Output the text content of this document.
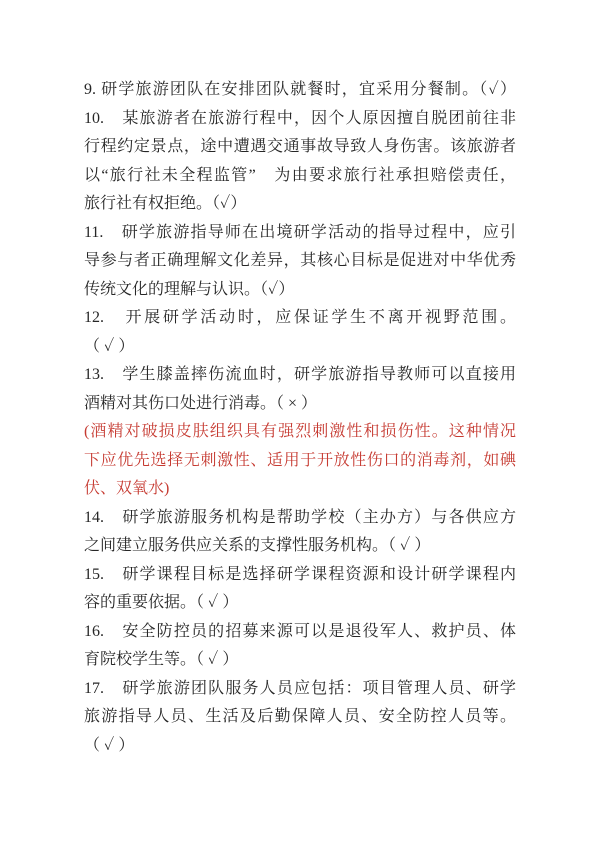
9. 研学旅游团队在安排团队就餐时，宜采用分餐制。（✓）
10.　某旅游者在旅游行程中，因个人原因擅自脱团前往非
行程约定景点，途中遭遇交通事故导致人身伤害。该旅游者
以“旅行社未全程监管”　为由要求旅行社承担赔偿责任，
旅行社有权拒绝。（✓）
11.　研学旅游指导师在出境研学活动的指导过程中，应引
导参与者正确理解文化差异，其核心目标是促进对中华优秀
传统文化的理解与认识。（✓）
12.　开展研学活动时，应保证学生不离开视野范围。
（ ✓ ）
13.　学生膝盖摔伤流血时，研学旅游指导教师可以直接用
酒精对其伤口处进行消毒。（ × ）
(酒精对破损皮肤组织具有强烈刺激性和损伤性。这种情况
下应优先选择无刺激性、适用于开放性伤口的消毒剂，如碘
伏、双氧水)
14.　研学旅游服务机构是帮助学校（主办方）与各供应方
之间建立服务供应关系的支撑性服务机构。（ ✓ ）
15.　研学课程目标是选择研学课程资源和设计研学课程内
容的重要依据。（ ✓ ）
16.　安全防控员的招募来源可以是退役军人、救护员、体
育院校学生等。（ ✓ ）
17.　研学旅游团队服务人员应包括：项目管理人员、研学
旅游指导人员、生活及后勤保障人员、安全防控人员等。
（ ✓ ）
